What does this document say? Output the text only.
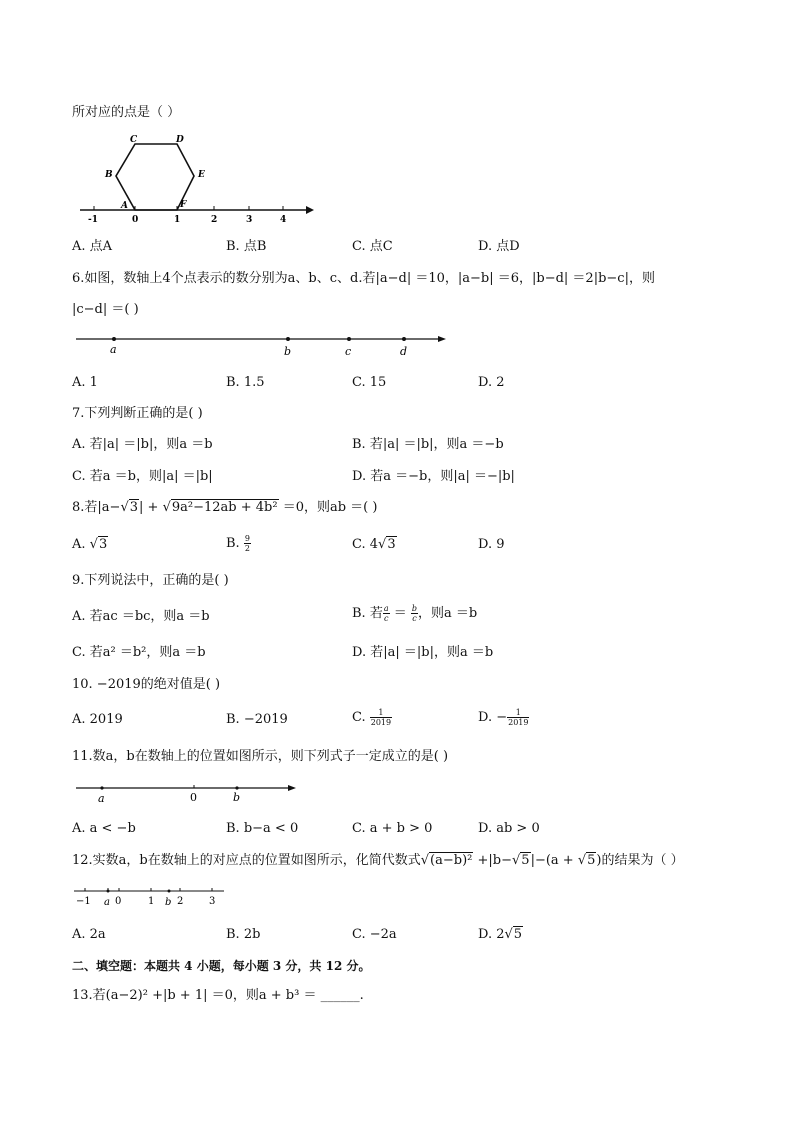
所对应的点是（ ）
C	D
B	E
A	F
-1	0	1	2	3	4
A. 点A	B. 点B	C. 点C	D. 点D
6.如图，数轴上4个点表示的数分别为a、b、c、d.若|a−d| ＝10，|a−b| ＝6，|b−d| ＝2|b−c|，则
|c−d| ＝( )
a	b	c	d
A. 1	B. 1.5	C. 15	D. 2
7.下列判断正确的是( )
A. 若|a| ＝|b|，则a ＝b	B. 若|a| ＝|b|，则a ＝−b
C. 若a ＝b，则|a| ＝|b|	D. 若a ＝−b，则|a| ＝−|b|
8.若|a−√3| + √9a²−12ab + 4b² ＝0，则ab ＝( )
A. √3	B. $\frac{9}{2}$	C. 4√3	D. 9
9.下列说法中，正确的是( )
A. 若ac ＝bc，则a ＝b	B. 若 $\frac{a}{c} = \frac{b}{c}$ ，则a ＝b
C. 若a² ＝b²，则a ＝b	D. 若|a| ＝|b|，则a ＝b
10. −2019的绝对值是( )
A. 2019	B. −2019	C. $\frac{1}{2019}$	D. − $\frac{1}{2019}$
11.数a，b在数轴上的位置如图所示，则下列式子一定成立的是( )
a	0	b
A. a < −b	B. b−a < 0	C. a + b > 0	D. ab > 0
12.实数a，b在数轴上的对应点的位置如图所示，化简代数式√(a−b)² +|b−√5|−(a + √5)的结果为（ ）
−1 a 0	1 b 2	3
A. 2a	B. 2b	C. −2a	D. 2√5
二、填空题：本题共 4 小题，每小题 3 分，共 12 分。
13.若(a−2)² +|b + 1| ＝0，则a + b³ ＝ ______.
